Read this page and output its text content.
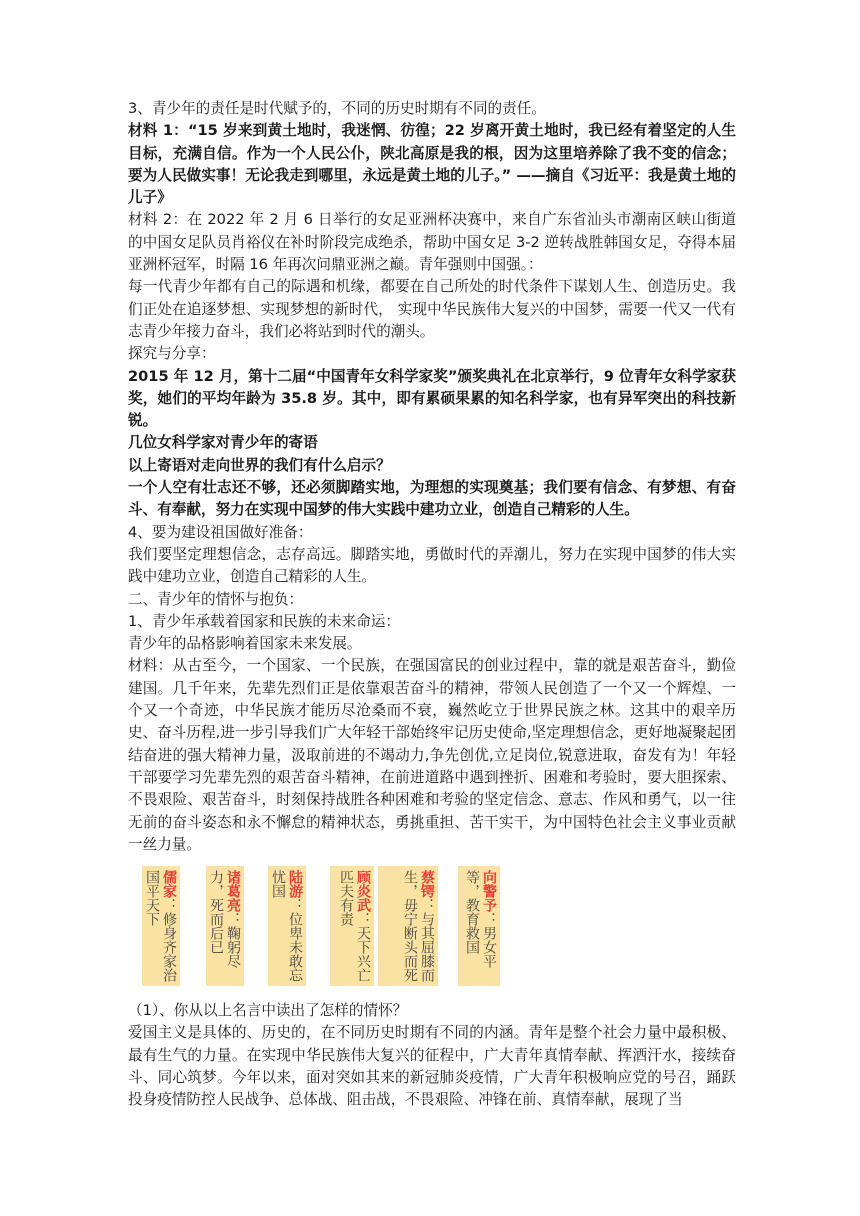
3、青少年的责任是时代赋予的，不同的历史时期有不同的责任。

材料 1：“15 岁来到黄土地时，我迷惘、彷徨；22 岁离开黄土地时，我已经有着坚定的人生目标，充满自信。作为一个人民公仆，陕北高原是我的根，因为这里培养除了我不变的信念；要为人民做实事！无论我走到哪里，永远是黄土地的儿子。” ——摘自《习近平：我是黄土地的儿子》

材料 2：在 2022 年 2 月 6 日举行的女足亚洲杯决赛中，来自广东省汕头市潮南区峡山街道的中国女足队员肖裕仪在补时阶段完成绝杀，帮助中国女足 3-2 逆转战胜韩国女足，夺得本届亚洲杯冠军，时隔 16 年再次问鼎亚洲之巅。青年强则中国强。：

每一代青少年都有自己的际遇和机缘，都要在自己所处的时代条件下谋划人生、创造历史。我们正处在追逐梦想、实现梦想的新时代， 实现中华民族伟大复兴的中国梦，需要一代又一代有志青少年接力奋斗，我们必将站到时代的潮头。

探究与分享：

2015 年 12 月，第十二届“中国青年女科学家奖”颁奖典礼在北京举行，9 位青年女科学家获奖，她们的平均年龄为 35.8 岁。其中，即有累硕果累的知名科学家，也有异军突出的科技新锐。

几位女科学家对青少年的寄语

以上寄语对走向世界的我们有什么启示？

一个人空有壮志还不够，还必须脚踏实地，为理想的实现奠基；我们要有信念、有梦想、有奋斗、有奉献，努力在实现中国梦的伟大实践中建功立业，创造自己精彩的人生。

4、要为建设祖国做好准备：

我们要坚定理想信念，志存高远。脚踏实地，勇做时代的弄潮儿，努力在实现中国梦的伟大实践中建功立业，创造自己精彩的人生。

二、青少年的情怀与抱负：

1、青少年承载着国家和民族的未来命运：

青少年的品格影响着国家未来发展。

材料：从古至今，一个国家、一个民族，在强国富民的创业过程中，靠的就是艰苦奋斗，勤俭建国。几千年来，先辈先烈们正是依靠艰苦奋斗的精神，带领人民创造了一个又一个辉煌、一个又一个奇迹，中华民族才能历尽沧桑而不衰，巍然屹立于世界民族之林。这其中的艰辛历史、奋斗历程,进一步引导我们广大年轻干部始终牢记历史使命,坚定理想信念，更好地凝聚起团结奋进的强大精神力量，汲取前进的不竭动力,争先创优,立足岗位,锐意进取，奋发有为！年轻干部要学习先辈先烈的艰苦奋斗精神，在前进道路中遇到挫折、困难和考验时，要大胆探索、不畏艰险、艰苦奋斗，时刻保持战胜各种困难和考验的坚定信念、意志、作风和勇气，以一往无前的奋斗姿态和永不懈怠的精神状态，勇挑重担、苦干实干，为中国特色社会主义事业贡献一丝力量。

儒家：修身齐家治国平天下	诸葛亮：鞠躬尽力，死而后已	陆游：位卑未敢忘忧国	顾炎武：天下兴亡 匹夫有责	蔡锷：与其屈膝而生，毋宁断头而死	向警予：男女平等，教育救国

（1）、你从以上名言中读出了怎样的情怀？

爱国主义是具体的、历史的，在不同历史时期有不同的内涵。青年是整个社会力量中最积极、最有生气的力量。在实现中华民族伟大复兴的征程中，广大青年真情奉献、挥洒汗水，接续奋斗、同心筑梦。今年以来，面对突如其来的新冠肺炎疫情，广大青年积极响应党的号召，踊跃投身疫情防控人民战争、总体战、阻击战，不畏艰险、冲锋在前、真情奉献，展现了当
